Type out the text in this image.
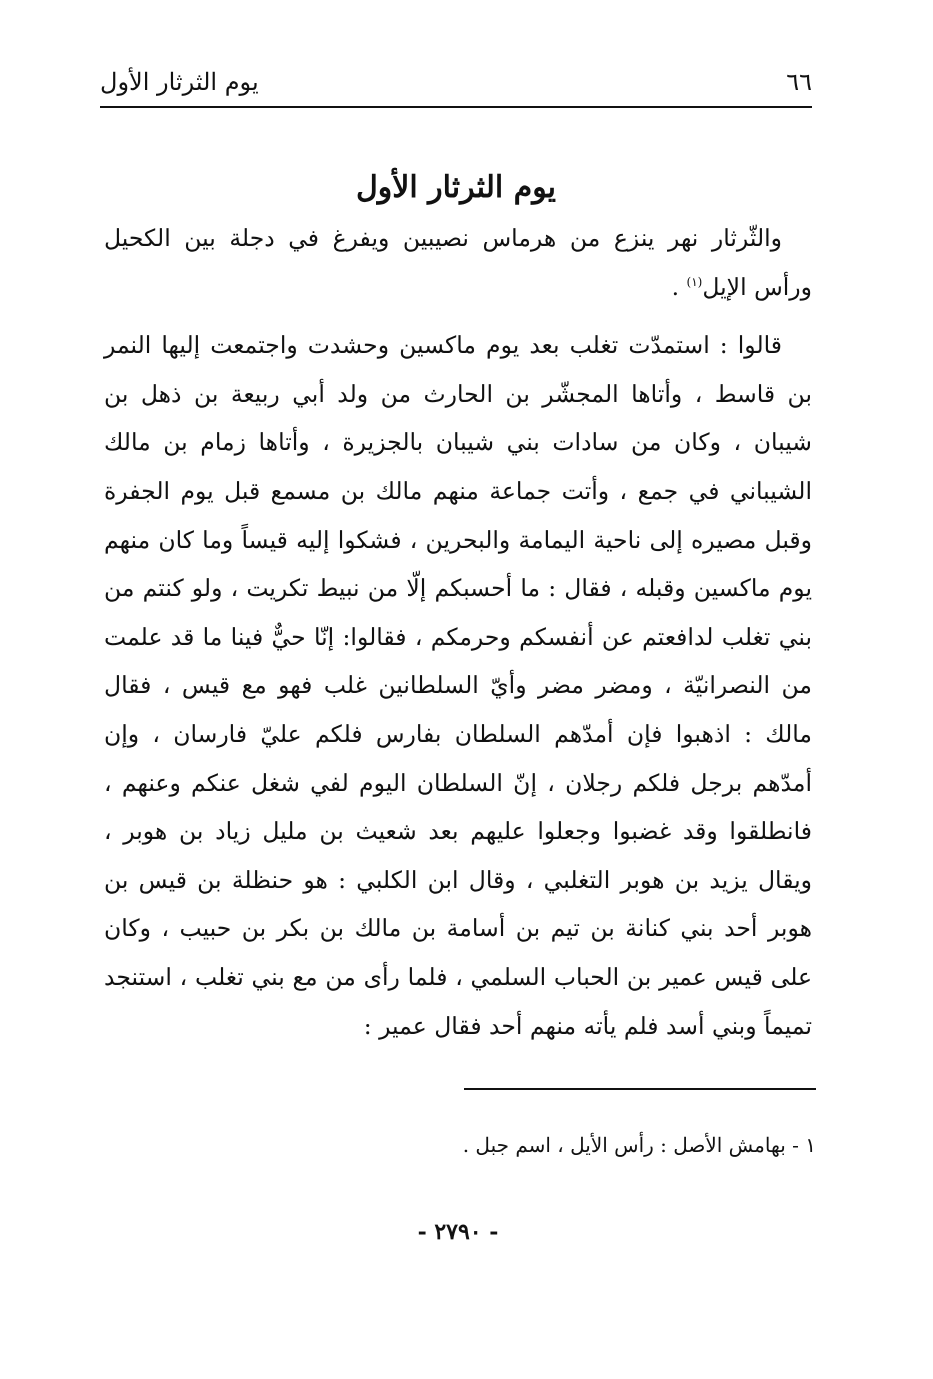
٦٦
يوم الثرثار الأول
يوم الثرثار الأول

والثّرثار نهر ينزع من هرماس نصيبين ويفرغ في دجلة بين الكحيل ورأس الإيل$^{(١)}$ .

قالوا : استمدّت تغلب بعد يوم ماكسين وحشدت واجتمعت إليها النمر بن قاسط ، وأتاها المجشّر بن الحارث من ولد أبي ربيعة بن ذهل بن شيبان ، وكان من سادات بني شيبان بالجزيرة ، وأتاها زمام بن مالك الشيباني في جمع ، وأتت جماعة منهم مالك بن مسمع قبل يوم الجفرة وقبل مصيره إلى ناحية اليمامة والبحرين ، فشكوا إليه قيساً وما كان منهم يوم ماكسين وقبله ، فقال : ما أحسبكم إلّا من نبيط تكريت ، ولو كنتم من بني تغلب لدافعتم عن أنفسكم وحرمكم ، فقالوا: إنّا حيٌّ فينا ما قد علمت من النصرانيّة ، ومضر مضر وأيّ السلطانين غلب فهو مع قيس ، فقال مالك : اذهبوا فإن أمدّهم السلطان بفارس فلكم عليّ فارسان ، وإن أمدّهم برجل فلكم رجلان ، إنّ السلطان اليوم لفي شغل عنكم وعنهم ، فانطلقوا وقد غضبوا وجعلوا عليهم بعد شعيث بن مليل زياد بن هوبر ، ويقال يزيد بن هوبر التغلبي ، وقال ابن الكلبي : هو حنظلة بن قيس بن هوبر أحد بني كنانة بن تيم بن أسامة بن مالك بن بكر بن حبيب ، وكان على قيس عمير بن الحباب السلمي ، فلما رأى من مع بني تغلب ، استنجد تميماً وبني أسد فلم يأته منهم أحد فقال عمير :

١ - بهامش الأصل : رأس الأيل ، اسم جبل .
- ٢٧٩٠ -
